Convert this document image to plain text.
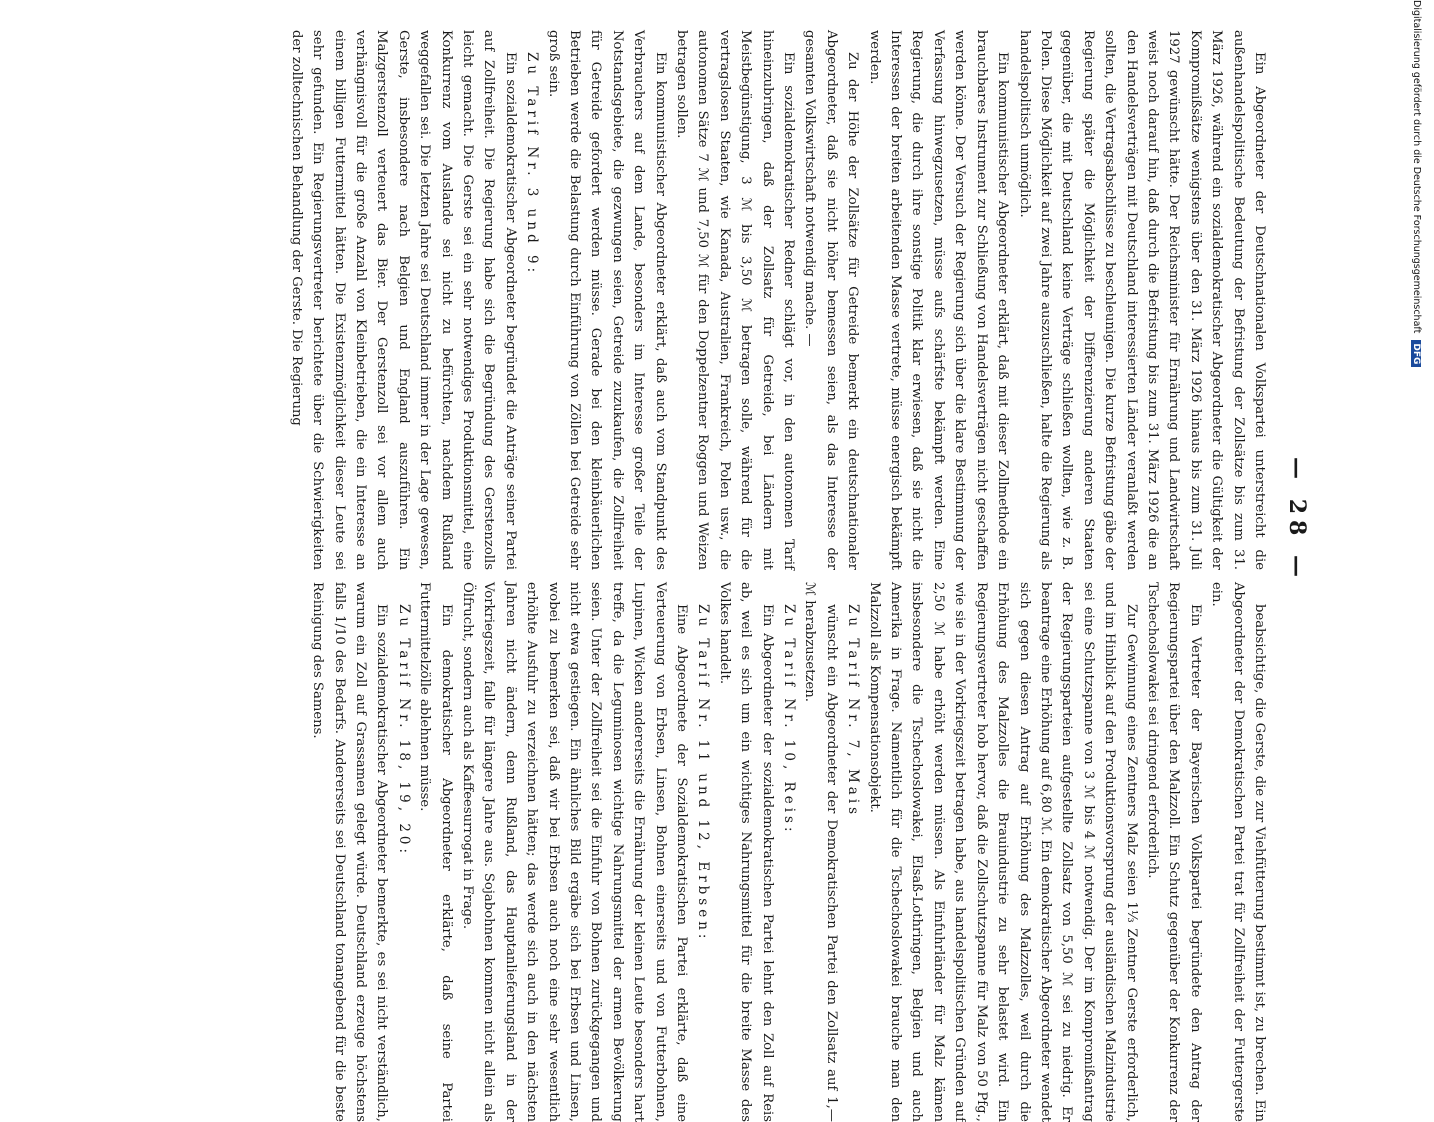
— 28 —

Ein Abgeordneter der Deutschnationalen Volkspartei unterstreicht die außenhandelspolitische Bedeutung der Befristung der Zollsätze bis zum 31. März 1926, während ein sozialdemokratischer Abgeordneter die Gültigkeit der Kompromißsätze wenigstens über den 31. März 1926 hinaus bis zum 31. Juli 1927 gewünscht hätte. Der Reichsminister für Ernährung und Landwirtschaft weist noch darauf hin, daß durch die Befristung bis zum 31. März 1926 die an den Handelsverträgen mit Deutschland interessierten Länder veranlaßt werden sollten, die Vertragsabschlüsse zu beschleunigen. Die kurze Befristung gäbe der Regierung später die Möglichkeit der Differenzierung anderen Staaten gegenüber, die mit Deutschland keine Verträge schließen wollten, wie z. B. Polen. Diese Möglichkeit auf zwei Jahre auszuschließen, halte die Regierung als handelspolitisch unmöglich.

Ein kommunistischer Abgeordneter erklärt, daß mit dieser Zollmethode ein brauchbares Instrument zur Schließung von Handelsverträgen nicht geschaffen werden könne. Der Versuch der Regierung sich über die klare Bestimmung der Verfassung hinwegzusetzen, müsse aufs schärfste bekämpft werden. Eine Regierung, die durch ihre sonstige Politik klar erwiesen, daß sie nicht die Interessen der breiten arbeitenden Masse vertrete, müsse energisch bekämpft werden.

Zu der Höhe der Zollsätze für Getreide bemerkt ein deutschnationaler Abgeordneter, daß sie nicht höher bemessen seien, als das Interesse der gesamten Volkswirtschaft notwendig mache. —

Ein sozialdemokratischer Redner schlägt vor, in den autonomen Tarif hineinzubringen, daß der Zollsatz für Getreide, bei Ländern mit Meistbegünstigung, 3 ℳ bis 3,50 ℳ betragen solle, während für die vertragslosen Staaten, wie Kanada, Australien, Frankreich, Polen usw., die autonomen Sätze 7 ℳ und 7,50 ℳ für den Doppelzentner Roggen und Weizen betragen sollen.

Ein kommunistischer Abgeordneter erklärt, daß auch vom Standpunkt des Verbrauchers auf dem Lande, besonders im Interesse großer Teile der Notstandsgebiete, die gezwungen seien, Getreide zuzukaufen, die Zollfreiheit für Getreide gefordert werden müsse. Gerade bei den kleinbäuerlichen Betrieben werde die Belastung durch Einführung von Zöllen bei Getreide sehr groß sein.

Zu Tarif Nr. 3 und 9:

Ein sozialdemokratischer Abgeordneter begründet die Anträge seiner Partei auf Zollfreiheit. Die Regierung habe sich die Begründung des Gerstenzolls leicht gemacht. Die Gerste sei ein sehr notwendiges Produktionsmittel, eine Konkurrenz vom Auslande sei nicht zu befürchten, nachdem Rußland weggefallen sei. Die letzten Jahre sei Deutschland immer in der Lage gewesen, Gerste, insbesondere nach Belgien und England auszuführen. Ein Malzgerstenzoll verteuert das Bier. Der Gerstenzoll sei vor allem auch verhängnisvoll für die große Anzahl von Kleinbetrieben, die ein Interesse an einem billigen Futtermittel hätten. Die Existenzmöglichkeit dieser Leute sei sehr gefunden. Ein Regierungsvertreter berichtete über die Schwierigkeiten der zolltechnischen Behandlung der Gerste. Die Regierung

beabsichtige, die Gerste, die zur Viehfütterung bestimmt ist, zu brechen. Ein Abgeordneter der Demokratischen Partei trat für Zollfreiheit der Futtergerste ein.

Ein Vertreter der Bayerischen Volkspartei begründete den Antrag der Regierungspartei über den Malzzoll. Ein Schutz gegenüber der Konkurrenz der Tschechoslowakei sei dringend erforderlich.

Zur Gewinnung eines Zentners Malz seien 1⅓ Zentner Gerste erforderlich, und im Hinblick auf den Produktionsvorsprung der ausländischen Malzindustrie sei eine Schutzspanne von 3 ℳ bis 4 ℳ notwendig. Der im Kompromißantrag der Regierungsparteien aufgestellte Zollsatz von 5,50 ℳ sei zu niedrig. Er beantrage eine Erhöhung auf 6,80 ℳ. Ein demokratischer Abgeordneter wendet sich gegen diesen Antrag auf Erhöhung des Malzzolles, weil durch die Erhöhung des Malzzolles die Brauindustrie zu sehr belastet wird. Ein Regierungsvertreter hob hervor, daß die Zollschutzspanne für Malz von 50 Pfg., wie sie in der Vorkriegszeit betragen habe, aus handelspolitischen Gründen auf 2,50 ℳ habe erhöht werden müssen. Als Einfuhrländer für Malz kämen insbesondere die Tschechoslowakei, Elsaß-Lothringen, Belgien und auch Amerika in Frage. Namentlich für die Tschechoslowakei brauche man den Malzzoll als Kompensationsobjekt.

Zu Tarif Nr. 7, Mais

wünscht ein Abgeordneter der Demokratischen Partei den Zollsatz auf 1,— ℳ herabzusetzen.

Zu Tarif Nr. 10, Reis:

Ein Abgeordneter der sozialdemokratischen Partei lehnt den Zoll auf Reis ab, weil es sich um ein wichtiges Nahrungsmittel für die breite Masse des Volkes handelt.

Zu Tarif Nr. 11 und 12, Erbsen:

Eine Abgeordnete der Sozialdemokratischen Partei erklärte, daß eine Verteuerung von Erbsen, Linsen, Bohnen einerseits und von Futterbohnen, Lupinen, Wicken andererseits die Ernährung der kleinen Leute besonders hart treffe, da die Leguminosen wichtige Nahrungsmittel der armen Bevölkerung seien. Unter der Zollfreiheit sei die Einfuhr von Bohnen zurückgegangen und nicht etwa gestiegen. Ein ähnliches Bild ergäbe sich bei Erbsen und Linsen, wobei zu bemerken sei, daß wir bei Erbsen auch noch eine sehr wesentlich erhöhte Ausfuhr zu verzeichnen hätten; das werde sich auch in den nächsten Jahren nicht ändern, denn Rußland, das Hauptanlieferungsland in der Vorkriegszeit, falle für längere Jahre aus. Sojabohnen kommen nicht allein als Ölfrucht, sondern auch als Kaffeesurrogat in Frage.

Ein demokratischer Abgeordneter erklärte, daß seine Partei Futtermittelzölle ablehnen müsse.

Zu Tarif Nr. 18, 19, 20:

Ein sozialdemokratischer Abgeordneter bemerkte, es sei nicht verständlich, warum ein Zoll auf Grassamen gelegt würde. Deutschland erzeuge höchstens falls 1/10 des Bedarfs. Andererseits sei Deutschland tonangebend für die beste Reinigung des Samens.

Digitalisierung gefördert durch die Deutsche Forschungsgemeinschaft DFG
